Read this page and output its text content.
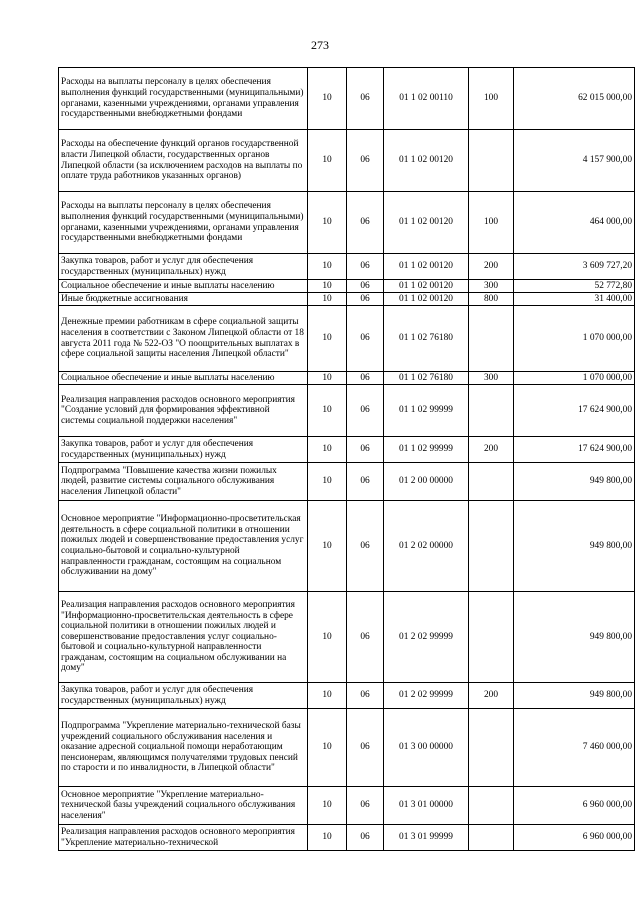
273
Расходы на выплаты персоналу в целях обеспечения выполнения функций государственными (муниципальными) органами, казенными учреждениями, органами управления государственными внебюджетными фондами	10	06	01 1 02 00110	100	62 015 000,00
Расходы на обеспечение функций органов государственной власти Липецкой области, государственных органов Липецкой области (за исключением расходов на выплаты по оплате труда работников указанных органов)	10	06	01 1 02 00120		4 157 900,00
Расходы на выплаты персоналу в целях обеспечения выполнения функций государственными (муниципальными) органами, казенными учреждениями, органами управления государственными внебюджетными фондами	10	06	01 1 02 00120	100	464 000,00
Закупка товаров, работ и услуг для обеспечения государственных (муниципальных) нужд	10	06	01 1 02 00120	200	3 609 727,20
Социальное обеспечение и иные выплаты населению	10	06	01 1 02 00120	300	52 772,80
Иные бюджетные ассигнования	10	06	01 1 02 00120	800	31 400,00
Денежные премии работникам в сфере социальной защиты населения в соответствии с Законом Липецкой области от 18 августа 2011 года № 522-ОЗ "О поощрительных выплатах в сфере социальной защиты населения Липецкой области"	10	06	01 1 02 76180		1 070 000,00
Социальное обеспечение и иные выплаты населению	10	06	01 1 02 76180	300	1 070 000,00
Реализация направления расходов основного мероприятия "Создание условий для формирования эффективной системы социальной поддержки населения"	10	06	01 1 02 99999		17 624 900,00
Закупка товаров, работ и услуг для обеспечения государственных (муниципальных) нужд	10	06	01 1 02 99999	200	17 624 900,00
Подпрограмма "Повышение качества жизни пожилых людей, развитие системы социального обслуживания населения Липецкой области"	10	06	01 2 00 00000		949 800,00
Основное мероприятие "Информационно-просветительская деятельность в сфере социальной политики в отношении пожилых людей и совершенствование предоставления услуг социально-бытовой и социально-культурной направленности гражданам, состоящим на социальном обслуживании на дому"	10	06	01 2 02 00000		949 800,00
Реализация направления расходов основного мероприятия "Информационно-просветительская деятельность в сфере социальной политики в отношении пожилых людей и совершенствование предоставления услуг социально-бытовой и социально-культурной направленности гражданам, состоящим на социальном обслуживании на дому"	10	06	01 2 02 99999		949 800,00
Закупка товаров, работ и услуг для обеспечения государственных (муниципальных) нужд	10	06	01 2 02 99999	200	949 800,00
Подпрограмма "Укрепление материально-технической базы учреждений социального обслуживания населения и оказание адресной социальной помощи неработающим пенсионерам, являющимся получателями трудовых пенсий по старости и по инвалидности, в Липецкой области"	10	06	01 3 00 00000		7 460 000,00
Основное мероприятие "Укрепление материально-технической базы учреждений социального обслуживания населения"	10	06	01 3 01 00000		6 960 000,00
Реализация направления расходов основного мероприятия "Укрепление материально-технической	10	06	01 3 01 99999		6 960 000,00
